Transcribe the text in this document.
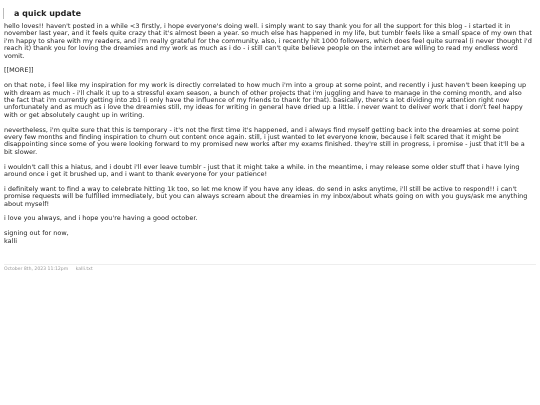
a quick update

hello loves!! haven't posted in a while <3 firstly, i hope everyone's doing well. i simply want to say thank you for all the support for this blog - i started it in november last year, and it feels quite crazy that it's almost been a year. so much else has happened in my life, but tumblr feels like a small space of my own that i'm happy to share with my readers, and i'm really grateful for the community. also, i recently hit 1000 followers, which does feel quite surreal (i never thought i'd reach it) thank you for loving the dreamies and my work as much as i do - i still can't quite believe people on the internet are willing to read my endless word vomit.

[[MORE]]

on that note, i feel like my inspiration for my work is directly correlated to how much i'm into a group at some point, and recently i just haven't been keeping up with dream as much - i'll chalk it up to a stressful exam season, a bunch of other projects that i'm juggling and have to manage in the coming month, and also the fact that i'm currently getting into zb1 (i only have the influence of my friends to thank for that). basically, there's a lot dividing my attention right now unfortunately and as much as i love the dreamies still, my ideas for writing in general have dried up a little. i never want to deliver work that i don't feel happy with or get absolutely caught up in writing.

nevertheless, i'm quite sure that this is temporary - it's not the first time it's happened, and i always find myself getting back into the dreamies at some point every few months and finding inspiration to churn out content once again. still, i just wanted to let everyone know, because i felt scared that it might be disappointing since some of you were looking forward to my promised new works after my exams finished. they're still in progress, i promise - just that it'll be a bit slower.

i wouldn't call this a hiatus, and i doubt i'll ever leave tumblr - just that it might take a while. in the meantime, i may release some older stuff that i have lying around once i get it brushed up, and i want to thank everyone for your patience!

i definitely want to find a way to celebrate hitting 1k too, so let me know if you have any ideas. do send in asks anytime, i'll still be active to respond!! i can't promise requests will be fulfilled immediately, but you can always scream about the dreamies in my inbox/about whats going on with you guys/ask me anything about myself!

i love you always, and i hope you're having a good october.

signing out for now,

kalli

October 8th, 2023 11:12pm kalli.txt
